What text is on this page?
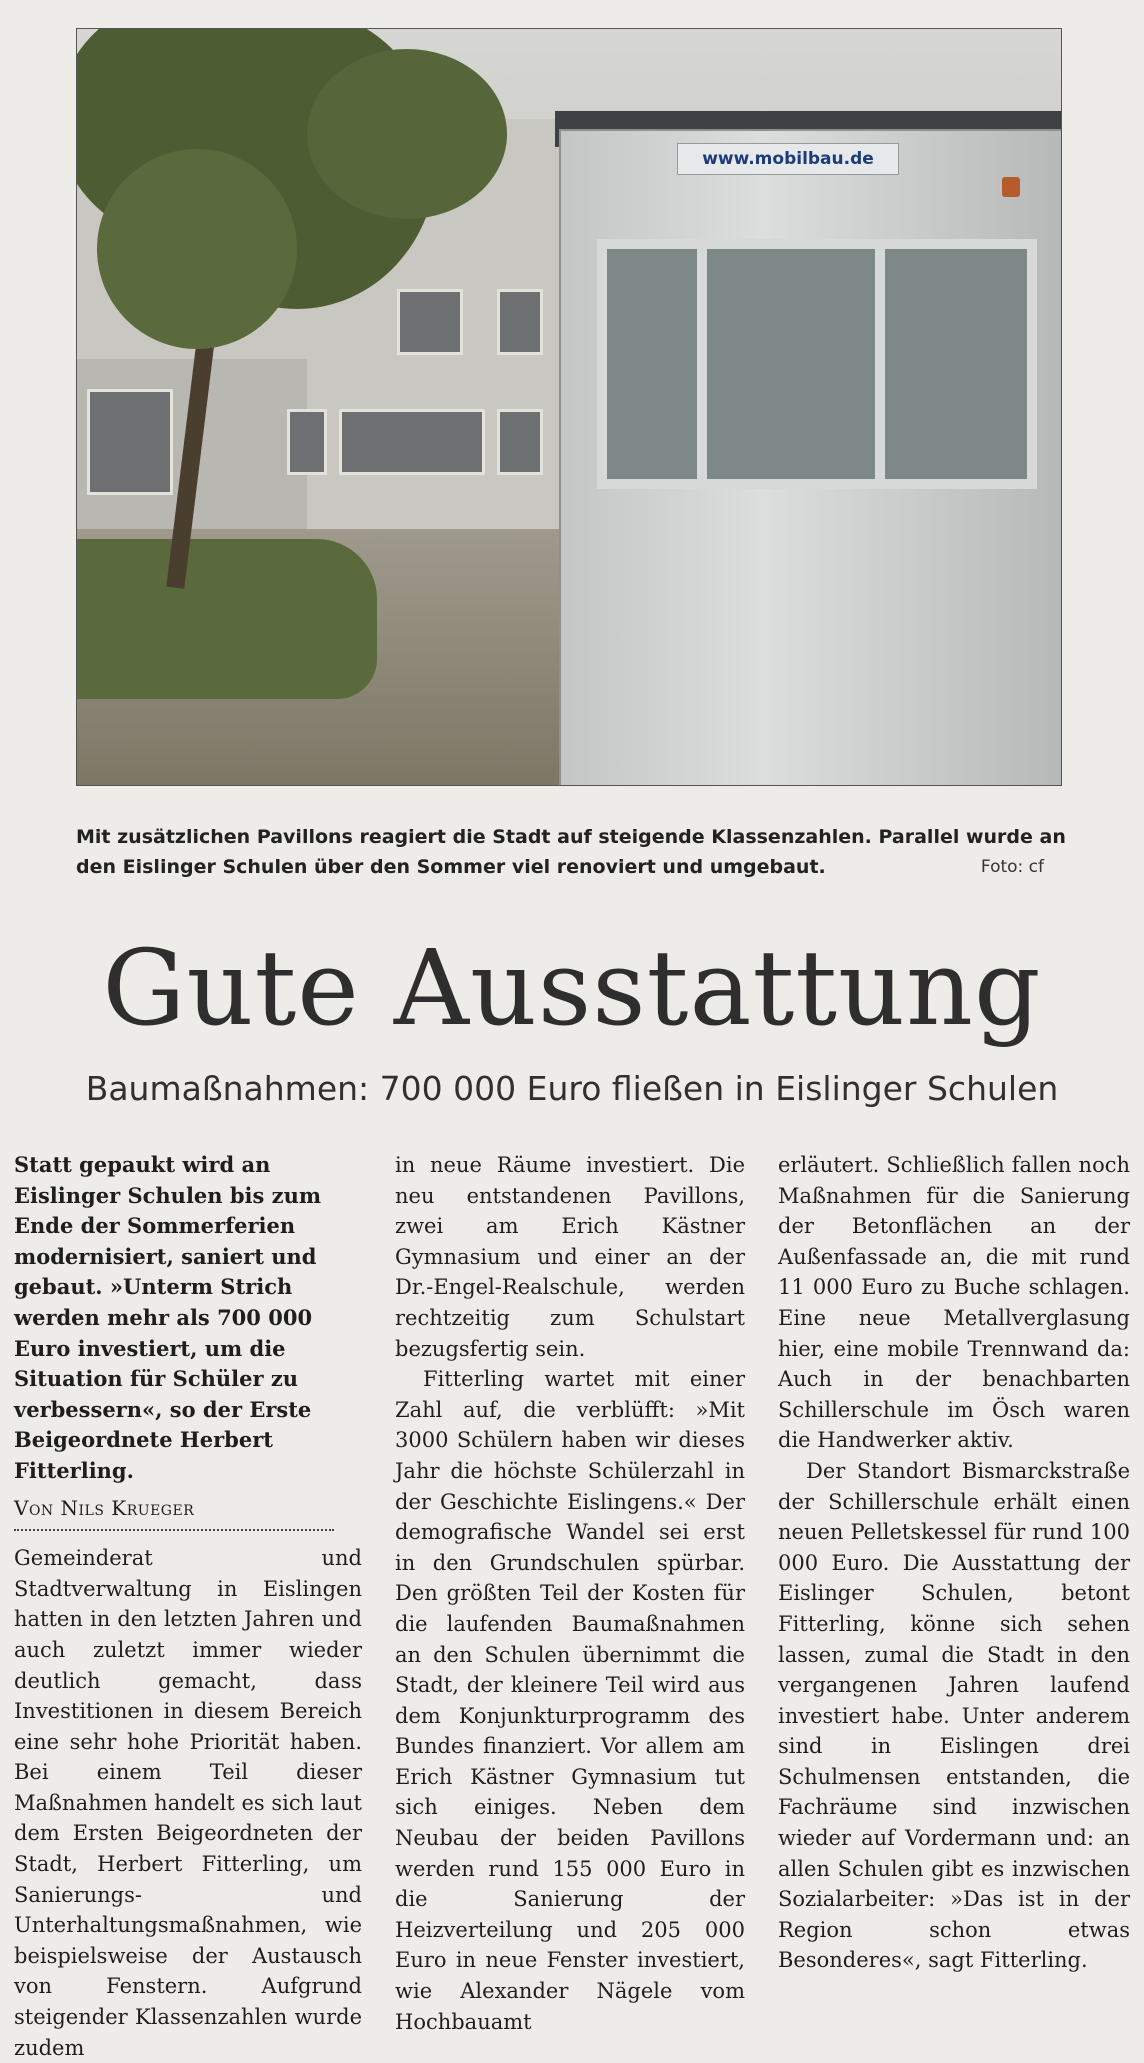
www.mobilbau.de
Mit zusätzlichen Pavillons reagiert die Stadt auf steigende Klassenzahlen. Parallel wurde an den Eislinger Schulen über den Sommer viel renoviert und umgebaut.	Foto: cf
Gute Ausstattung
Baumaßnahmen: 700 000 Euro fließen in Eislinger Schulen

Statt gepaukt wird an Eislinger Schulen bis zum Ende der Sommerferien modernisiert, saniert und gebaut. »Unterm Strich werden mehr als 700 000 Euro investiert, um die Situation für Schüler zu verbessern«, so der Erste Beigeordnete Herbert Fitterling.

Von Nils Krueger

Gemeinderat und Stadtverwaltung in Eislingen hatten in den letzten Jahren und auch zuletzt immer wieder deutlich gemacht, dass Investitionen in diesem Bereich eine sehr hohe Priorität haben. Bei einem Teil dieser Maßnahmen handelt es sich laut dem Ersten Beigeordneten der Stadt, Herbert Fitterling, um Sanierungs- und Unterhaltungsmaßnahmen, wie beispielsweise der Austausch von Fenstern. Aufgrund steigender Klassenzahlen wurde zudem

in neue Räume investiert. Die neu entstandenen Pavillons, zwei am Erich Kästner Gymnasium und einer an der Dr.-Engel-Realschule, werden rechtzeitig zum Schulstart bezugsfertig sein.

Fitterling wartet mit einer Zahl auf, die verblüfft: »Mit 3000 Schülern haben wir dieses Jahr die höchste Schülerzahl in der Geschichte Eislingens.« Der demografische Wandel sei erst in den Grundschulen spürbar. Den größten Teil der Kosten für die laufenden Baumaßnahmen an den Schulen übernimmt die Stadt, der kleinere Teil wird aus dem Konjunkturprogramm des Bundes finanziert. Vor allem am Erich Kästner Gymnasium tut sich einiges. Neben dem Neubau der beiden Pavillons werden rund 155 000 Euro in die Sanierung der Heizverteilung und 205 000 Euro in neue Fenster investiert, wie Alexander Nägele vom Hochbauamt

erläutert. Schließlich fallen noch Maßnahmen für die Sanierung der Betonflächen an der Außenfassade an, die mit rund 11 000 Euro zu Buche schlagen. Eine neue Metallverglasung hier, eine mobile Trennwand da: Auch in der benachbarten Schillerschule im Ösch waren die Handwerker aktiv.

Der Standort Bismarckstraße der Schillerschule erhält einen neuen Pelletskessel für rund 100 000 Euro. Die Ausstattung der Eislinger Schulen, betont Fitterling, könne sich sehen lassen, zumal die Stadt in den vergangenen Jahren laufend investiert habe. Unter anderem sind in Eislingen drei Schulmensen entstanden, die Fachräume sind inzwischen wieder auf Vordermann und: an allen Schulen gibt es inzwischen Sozialarbeiter: »Das ist in der Region schon etwas Besonderes«, sagt Fitterling.
